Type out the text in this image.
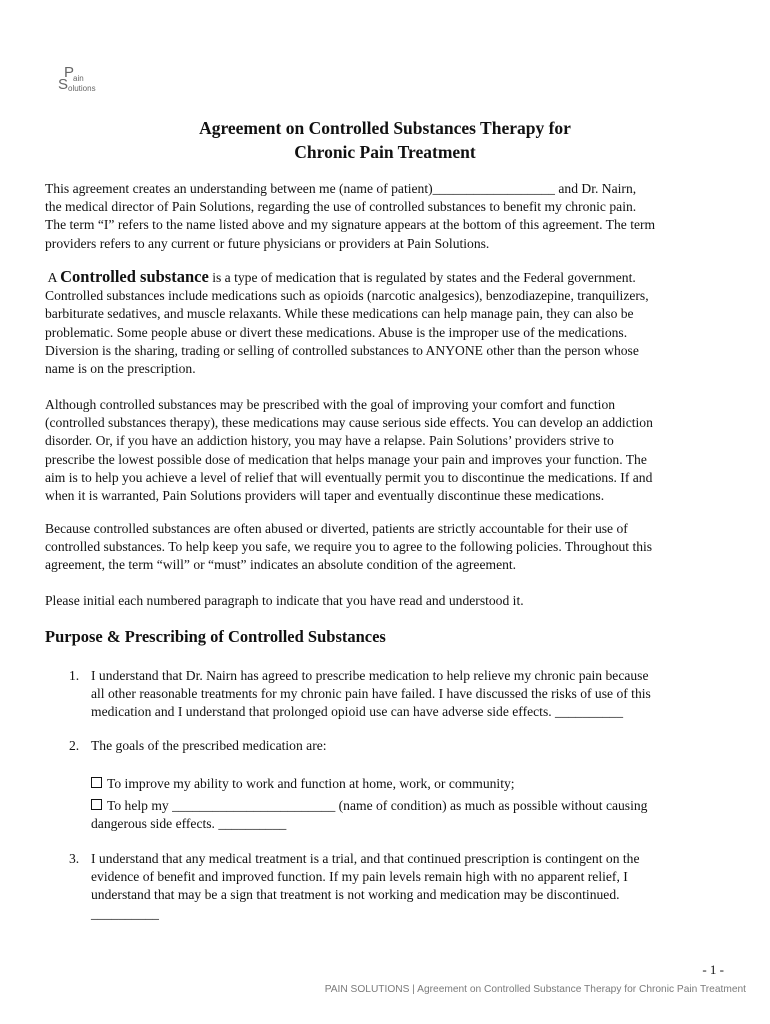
P
ain
S olutions
Agreement on Controlled Substances Therapy for
Chronic Pain Treatment
This agreement creates an understanding between me (name of patient)__________________ and Dr. Nairn,
the medical director of Pain Solutions, regarding the use of controlled substances to benefit my chronic pain.
The term “I” refers to the name listed above and my signature appears at the bottom of this agreement. The term
providers refers to any current or future physicians or providers at Pain Solutions.
A Controlled substance is a type of medication that is regulated by states and the Federal government.
Controlled substances include medications such as opioids (narcotic analgesics), benzodiazepine, tranquilizers,
barbiturate sedatives, and muscle relaxants. While these medications can help manage pain, they can also be
problematic. Some people abuse or divert these medications. Abuse is the improper use of the medications.
Diversion is the sharing, trading or selling of controlled substances to ANYONE other than the person whose
name is on the prescription.
Although controlled substances may be prescribed with the goal of improving your comfort and function
(controlled substances therapy), these medications may cause serious side effects. You can develop an addiction
disorder. Or, if you have an addiction history, you may have a relapse. Pain Solutions’ providers strive to
prescribe the lowest possible dose of medication that helps manage your pain and improves your function. The
aim is to help you achieve a level of relief that will eventually permit you to discontinue the medications. If and
when it is warranted, Pain Solutions providers will taper and eventually discontinue these medications.
Because controlled substances are often abused or diverted, patients are strictly accountable for their use of
controlled substances. To help keep you safe, we require you to agree to the following policies. Throughout this
agreement, the term “will” or “must” indicates an absolute condition of the agreement.
Please initial each numbered paragraph to indicate that you have read and understood it.
Purpose & Prescribing of Controlled Substances
1. I understand that Dr. Nairn has agreed to prescribe medication to help relieve my chronic pain because
all other reasonable treatments for my chronic pain have failed. I have discussed the risks of use of this
medication and I understand that prolonged opioid use can have adverse side effects. __________
2. The goals of the prescribed medication are:
To improve my ability to work and function at home, work, or community;
To help my ________________________ (name of condition) as much as possible without causing
dangerous side effects. __________
3. I understand that any medical treatment is a trial, and that continued prescription is contingent on the
evidence of benefit and improved function. If my pain levels remain high with no apparent relief, I
understand that may be a sign that treatment is not working and medication may be discontinued.
__________
- 1 -
PAIN SOLUTIONS | Agreement on Controlled Substance Therapy for Chronic Pain Treatment
